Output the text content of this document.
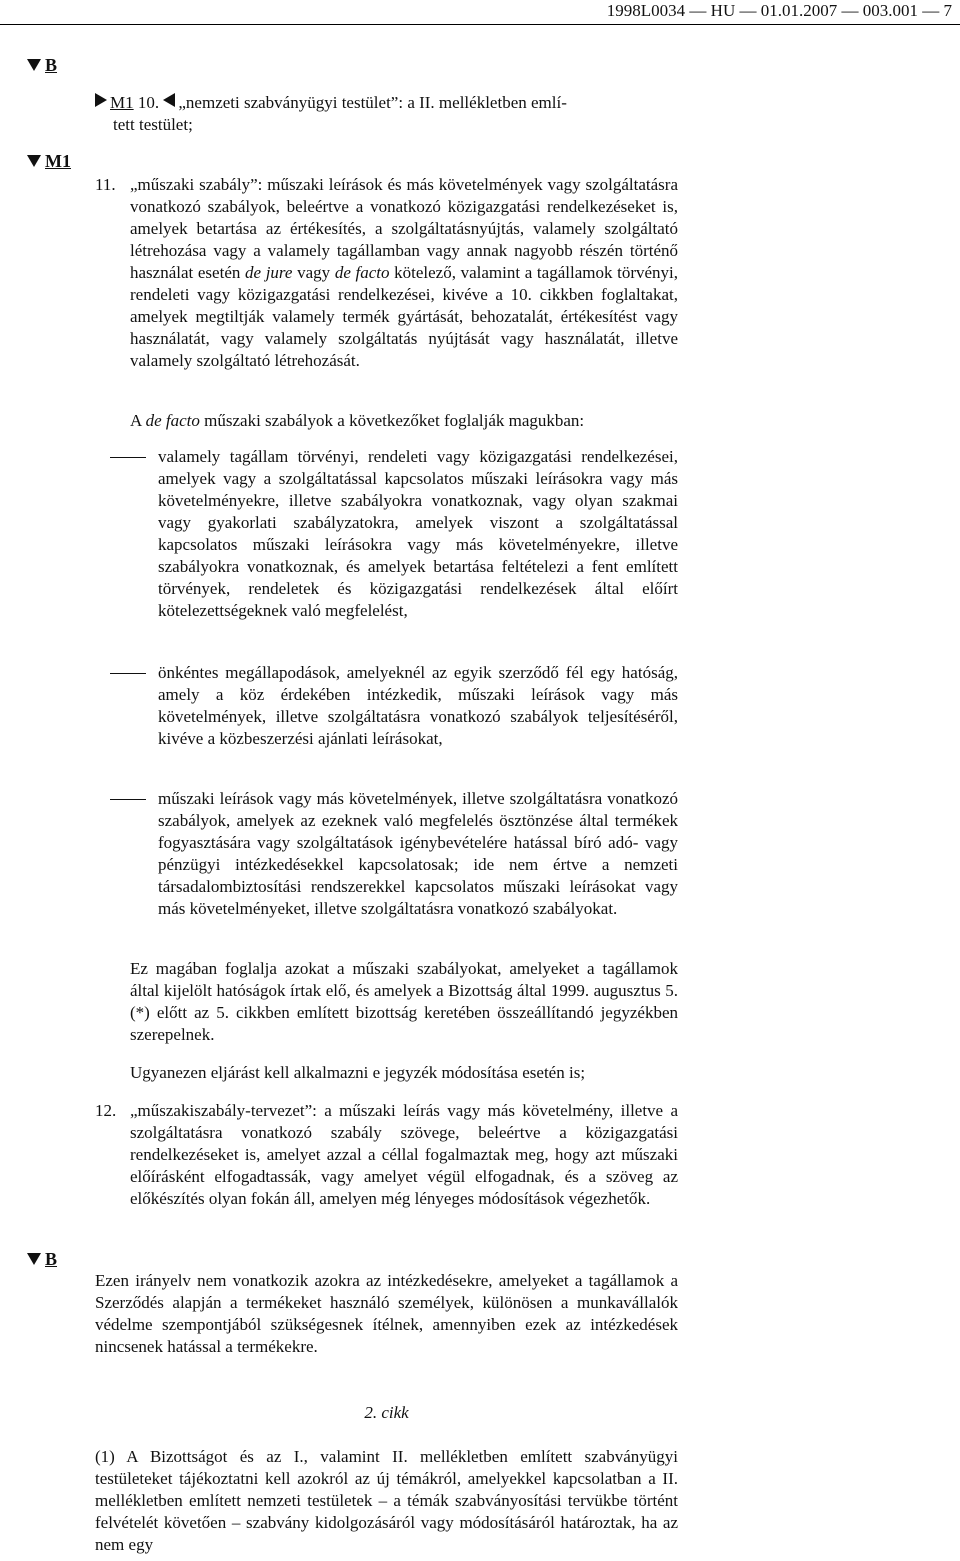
1998L0034 — HU — 01.01.2007 — 003.001 — 7
B

M1 10. „nemzeti szabványügyi testület”: a II. mellékletben emlí-

tett testület;

M1
11. „műszaki szabály”: műszaki leírások és más követelmények vagy szolgáltatásra vonatkozó szabályok, beleértve a vonatkozó közigazgatási rendelkezéseket is, amelyek betartása az értékesítés, a szolgáltatásnyújtás, valamely szolgáltató létrehozása vagy a valamely tagállamban vagy annak nagyobb részén történő használat esetén de jure vagy de facto kötelező, valamint a tagállamok törvényi, rendeleti vagy közigazgatási rendelkezései, kivéve a 10. cikkben foglaltakat, amelyek megtiltják valamely termék gyártását, behozatalát, értékesítést vagy használatát, vagy valamely szolgáltatás nyújtását vagy használatát, illetve valamely szolgáltató létrehozását.

A de facto műszaki szabályok a következőket foglalják magukban:

valamely tagállam törvényi, rendeleti vagy közigazgatási rendelkezései, amelyek vagy a szolgáltatással kapcsolatos műszaki leírásokra vagy más követelményekre, illetve szabályokra vonatkoznak, vagy olyan szakmai vagy gyakorlati szabályzatokra, amelyek viszont a szolgáltatással kapcsolatos műszaki leírásokra vagy más követelményekre, illetve szabályokra vonatkoznak, és amelyek betartása feltételezi a fent említett törvények, rendeletek és közigazgatási rendelkezések által előírt kötelezettségeknek való megfelelést,
önkéntes megállapodások, amelyeknél az egyik szerződő fél egy hatóság, amely a köz érdekében intézkedik, műszaki leírások vagy más követelmények, illetve szolgáltatásra vonatkozó szabályok teljesítéséről, kivéve a közbeszerzési ajánlati leírásokat,
műszaki leírások vagy más követelmények, illetve szolgáltatásra vonatkozó szabályok, amelyek az ezeknek való megfelelés ösztönzése által termékek fogyasztására vagy szolgáltatások igénybevételére hatással bíró adó- vagy pénzügyi intézkedésekkel kapcsolatosak; ide nem értve a nemzeti társadalombiztosítási rendszerekkel kapcsolatos műszaki leírásokat vagy más követelményeket, illetve szolgáltatásra vonatkozó szabályokat.

Ez magában foglalja azokat a műszaki szabályokat, amelyeket a tagállamok által kijelölt hatóságok írtak elő, és amelyek a Bizottság által 1999. augusztus 5. (*) előtt az 5. cikkben említett bizottság keretében összeállítandó jegyzékben szerepelnek.

Ugyanezen eljárást kell alkalmazni e jegyzék módosítása esetén is;

12. „műszakiszabály-tervezet”: a műszaki leírás vagy más követelmény, illetve a szolgáltatásra vonatkozó szabály szövege, beleértve a közigazgatási rendelkezéseket is, amelyet azzal a céllal fogalmaztak meg, hogy azt műszaki előírásként elfogadtassák, vagy amelyet végül elfogadnak, és a szöveg az előkészítés olyan fokán áll, amelyen még lényeges módosítások végezhetők.

B

Ezen irányelv nem vonatkozik azokra az intézkedésekre, amelyeket a tagállamok a Szerződés alapján a termékeket használó személyek, különösen a munkavállalók védelme szempontjából szükségesnek ítélnek, amennyiben ezek az intézkedések nincsenek hatással a termékekre.

2. cikk

(1) A Bizottságot és az I., valamint II. mellékletben említett szabványügyi testületeket tájékoztatni kell azokról az új témákról, amelyekkel kapcsolatban a II. mellékletben említett nemzeti testületek – a témák szabványosítási tervükbe történt felvételét követően – szabvány kidolgozásáról vagy módosításáról határoztak, ha az nem egy
